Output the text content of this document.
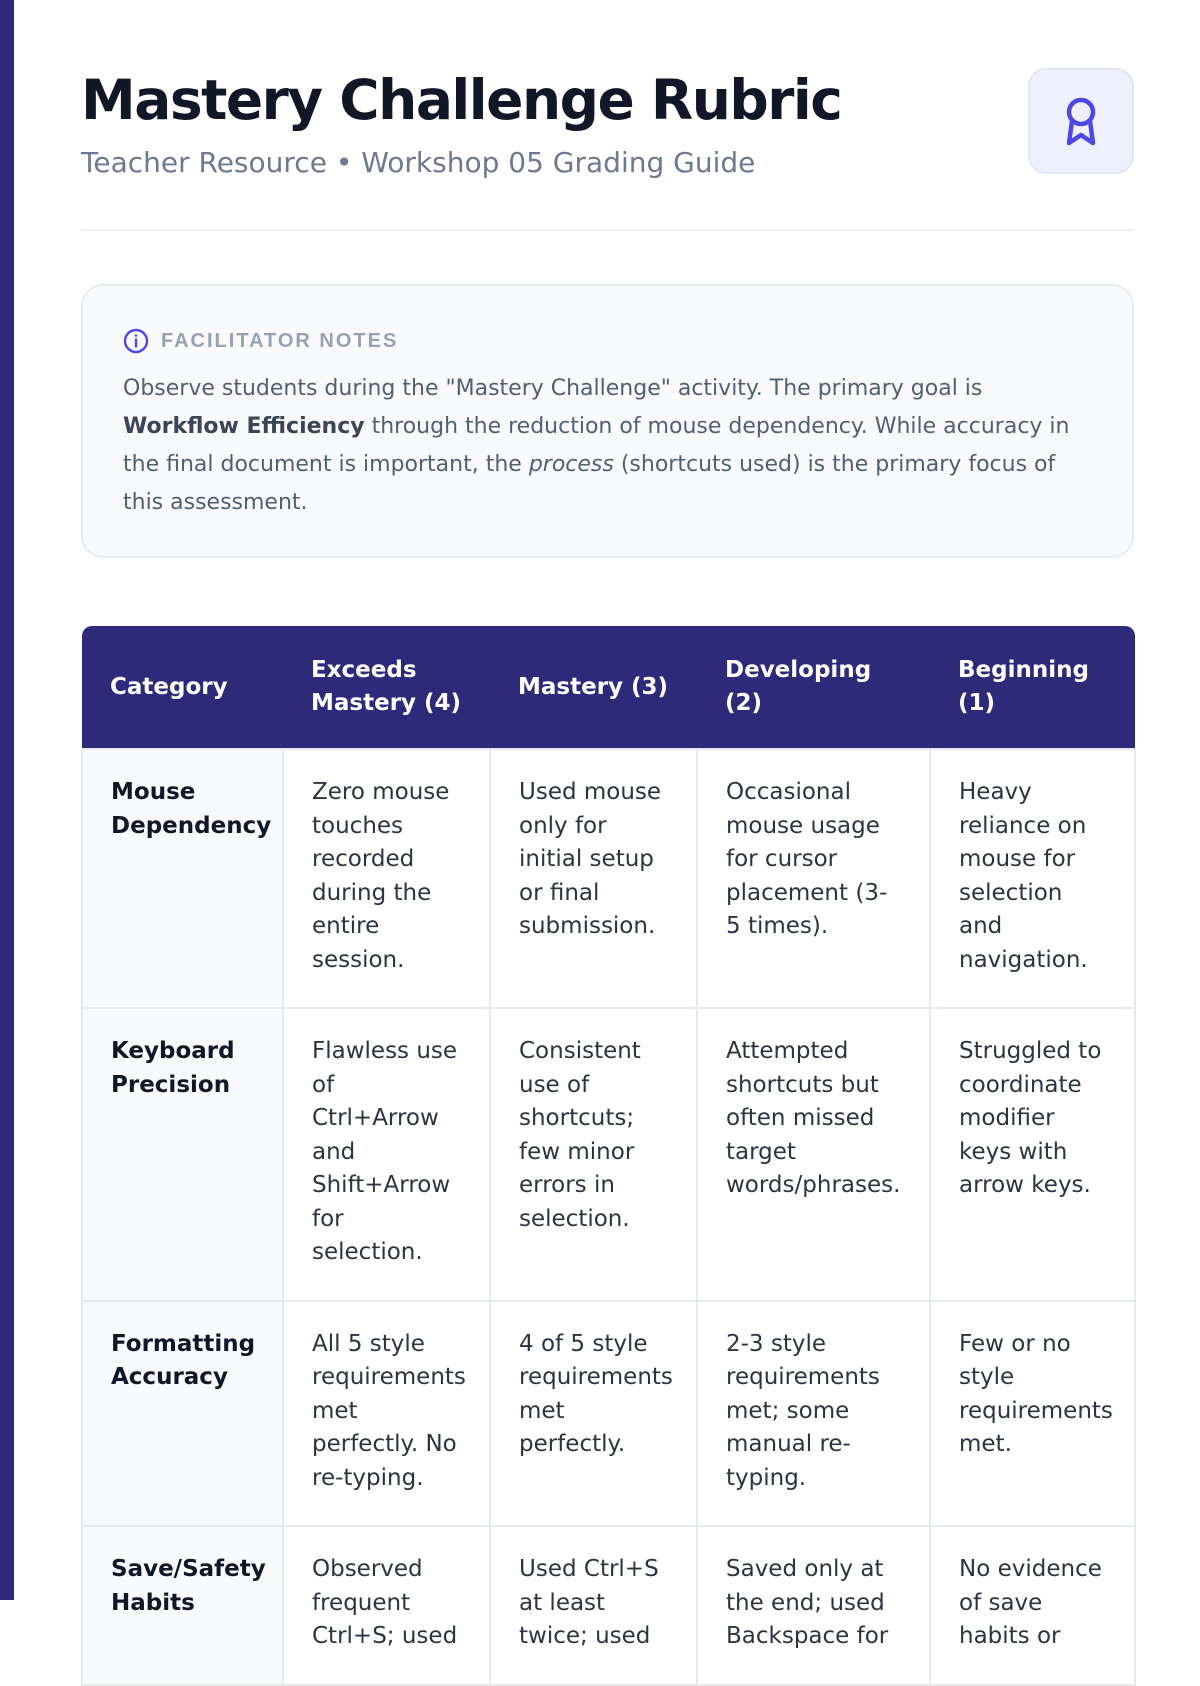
Mastery Challenge Rubric
Teacher Resource • Workshop 05 Grading Guide
FACILITATOR NOTES
Observe students during the "Mastery Challenge" activity. The primary goal is Workflow Efficiency through the reduction of mouse dependency. While accuracy in the final document is important, the process (shortcuts used) is the primary focus of this assessment.
Category	Exceeds Mastery (4)	Mastery (3)	Developing (2)	Beginning (1)
Mouse Dependency	Zero mouse touches recorded during the entire session.	Used mouse only for initial setup or final submission.	Occasional mouse usage for cursor placement (3-5 times).	Heavy reliance on mouse for selection and navigation.
Keyboard Precision	Flawless use of Ctrl+Arrow and Shift+Arrow for selection.	Consistent use of shortcuts; few minor errors in selection.	Attempted shortcuts but often missed target words/phrases.	Struggled to coordinate modifier keys with arrow keys.
Formatting Accuracy	All 5 style requirements met perfectly. No re-typing.	4 of 5 style requirements met perfectly.	2-3 style requirements met; some manual re-typing.	Few or no style requirements met.
Save/Safety Habits	Observed frequent Ctrl+S; used	Used Ctrl+S at least twice; used	Saved only at the end; used Backspace for	No evidence of save habits or
